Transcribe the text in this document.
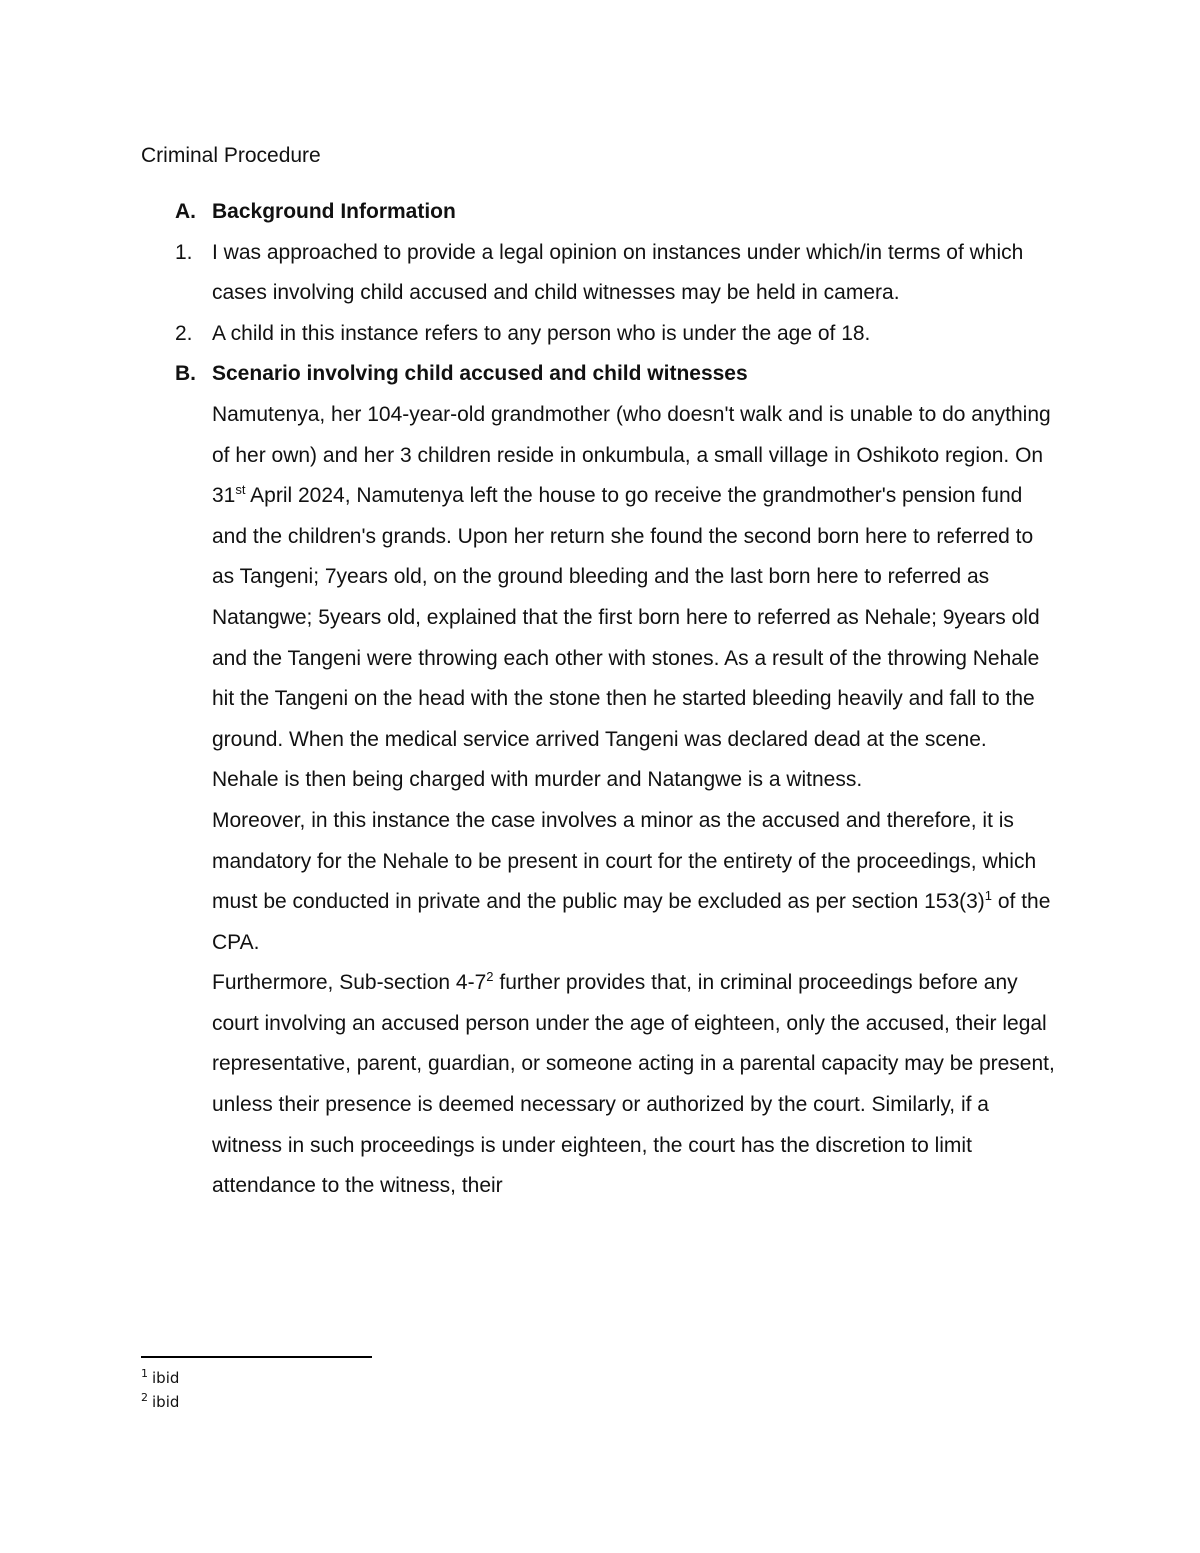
Criminal Procedure
A. Background Information
1. I was approached to provide a legal opinion on instances under which/in terms of which cases involving child accused and child witnesses may be held in camera.
2. A child in this instance refers to any person who is under the age of 18.
B. Scenario involving child accused and child witnesses
Namutenya, her 104-year-old grandmother (who doesn't walk and is unable to do anything of her own) and her 3 children reside in onkumbula, a small village in Oshikoto region. On 31st April 2024, Namutenya left the house to go receive the grandmother's pension fund and the children's grands. Upon her return she found the second born here to referred to as Tangeni; 7years old, on the ground bleeding and the last born here to referred as Natangwe; 5years old, explained that the first born here to referred as Nehale; 9years old and the Tangeni were throwing each other with stones. As a result of the throwing Nehale hit the Tangeni on the head with the stone then he started bleeding heavily and fall to the ground. When the medical service arrived Tangeni was declared dead at the scene.
Nehale is then being charged with murder and Natangwe is a witness.
Moreover, in this instance the case involves a minor as the accused and therefore, it is mandatory for the Nehale to be present in court for the entirety of the proceedings, which must be conducted in private and the public may be excluded as per section $153(3)^1$ of the CPA.
Furthermore, Sub-section $4-7^2$ further provides that, in criminal proceedings before any court involving an accused person under the age of eighteen, only the accused, their legal representative, parent, guardian, or someone acting in a parental capacity may be present, unless their presence is deemed necessary or authorized by the court. Similarly, if a witness in such proceedings is under eighteen, the court has the discretion to limit attendance to the witness, their
$^1$ ibid
$^2$ ibid
